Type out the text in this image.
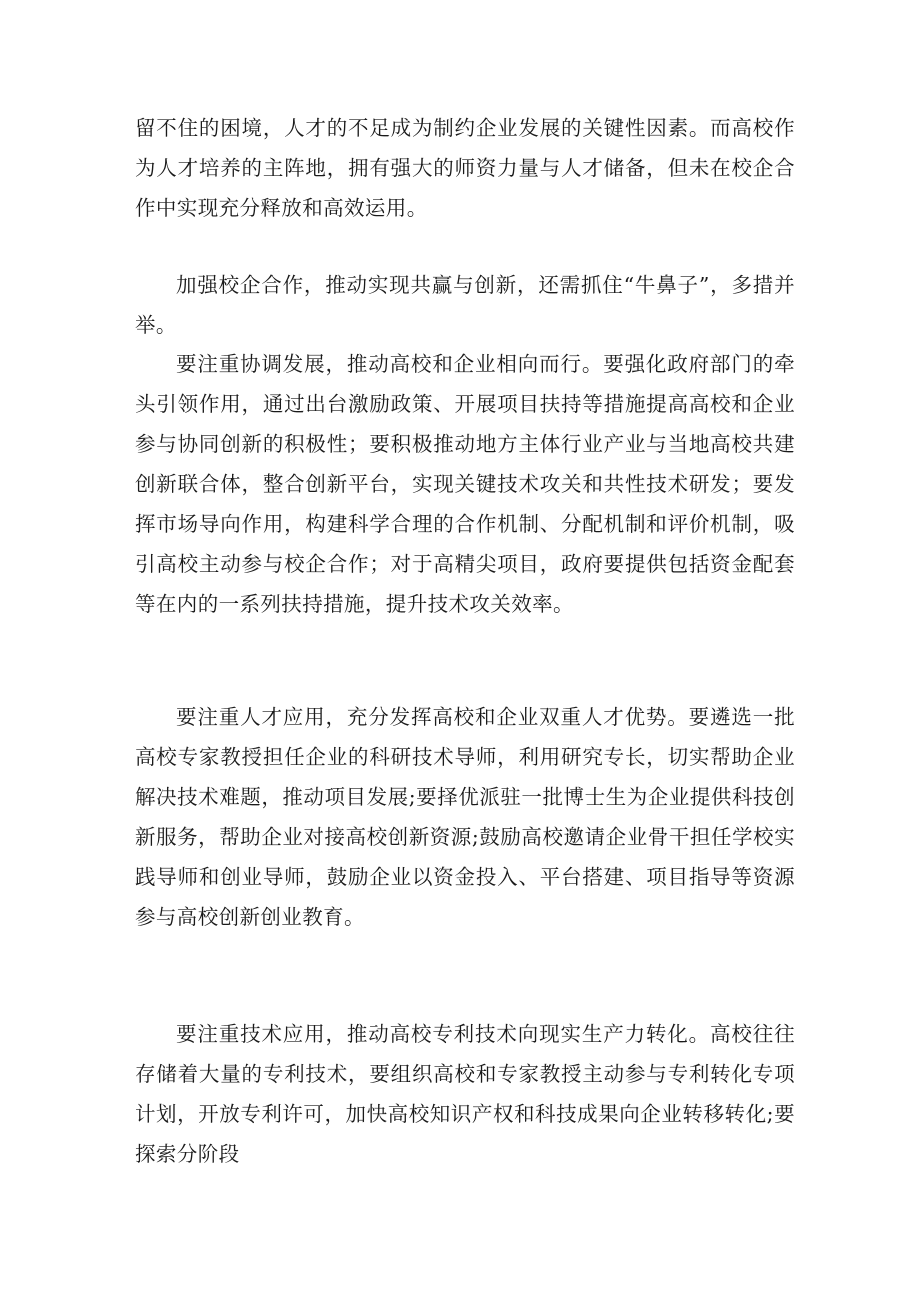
留不住的困境，人才的不足成为制约企业发展的关键性因素。而高校作为人才培养的主阵地，拥有强大的师资力量与人才储备，但未在校企合作中实现充分释放和高效运用。

加强校企合作，推动实现共赢与创新，还需抓住“牛鼻子”，多措并举。

要注重协调发展，推动高校和企业相向而行。要强化政府部门的牵头引领作用，通过出台激励政策、开展项目扶持等措施提高高校和企业参与协同创新的积极性；要积极推动地方主体行业产业与当地高校共建创新联合体，整合创新平台，实现关键技术攻关和共性技术研发；要发挥市场导向作用，构建科学合理的合作机制、分配机制和评价机制，吸引高校主动参与校企合作；对于高精尖项目，政府要提供包括资金配套等在内的一系列扶持措施，提升技术攻关效率。

要注重人才应用，充分发挥高校和企业双重人才优势。要遴选一批高校专家教授担任企业的科研技术导师，利用研究专长，切实帮助企业解决技术难题，推动项目发展;要择优派驻一批博士生为企业提供科技创新服务，帮助企业对接高校创新资源;鼓励高校邀请企业骨干担任学校实践导师和创业导师，鼓励企业以资金投入、平台搭建、项目指导等资源参与高校创新创业教育。

要注重技术应用，推动高校专利技术向现实生产力转化。高校往往存储着大量的专利技术，要组织高校和专家教授主动参与专利转化专项计划，开放专利许可，加快高校知识产权和科技成果向企业转移转化;要探索分阶段
